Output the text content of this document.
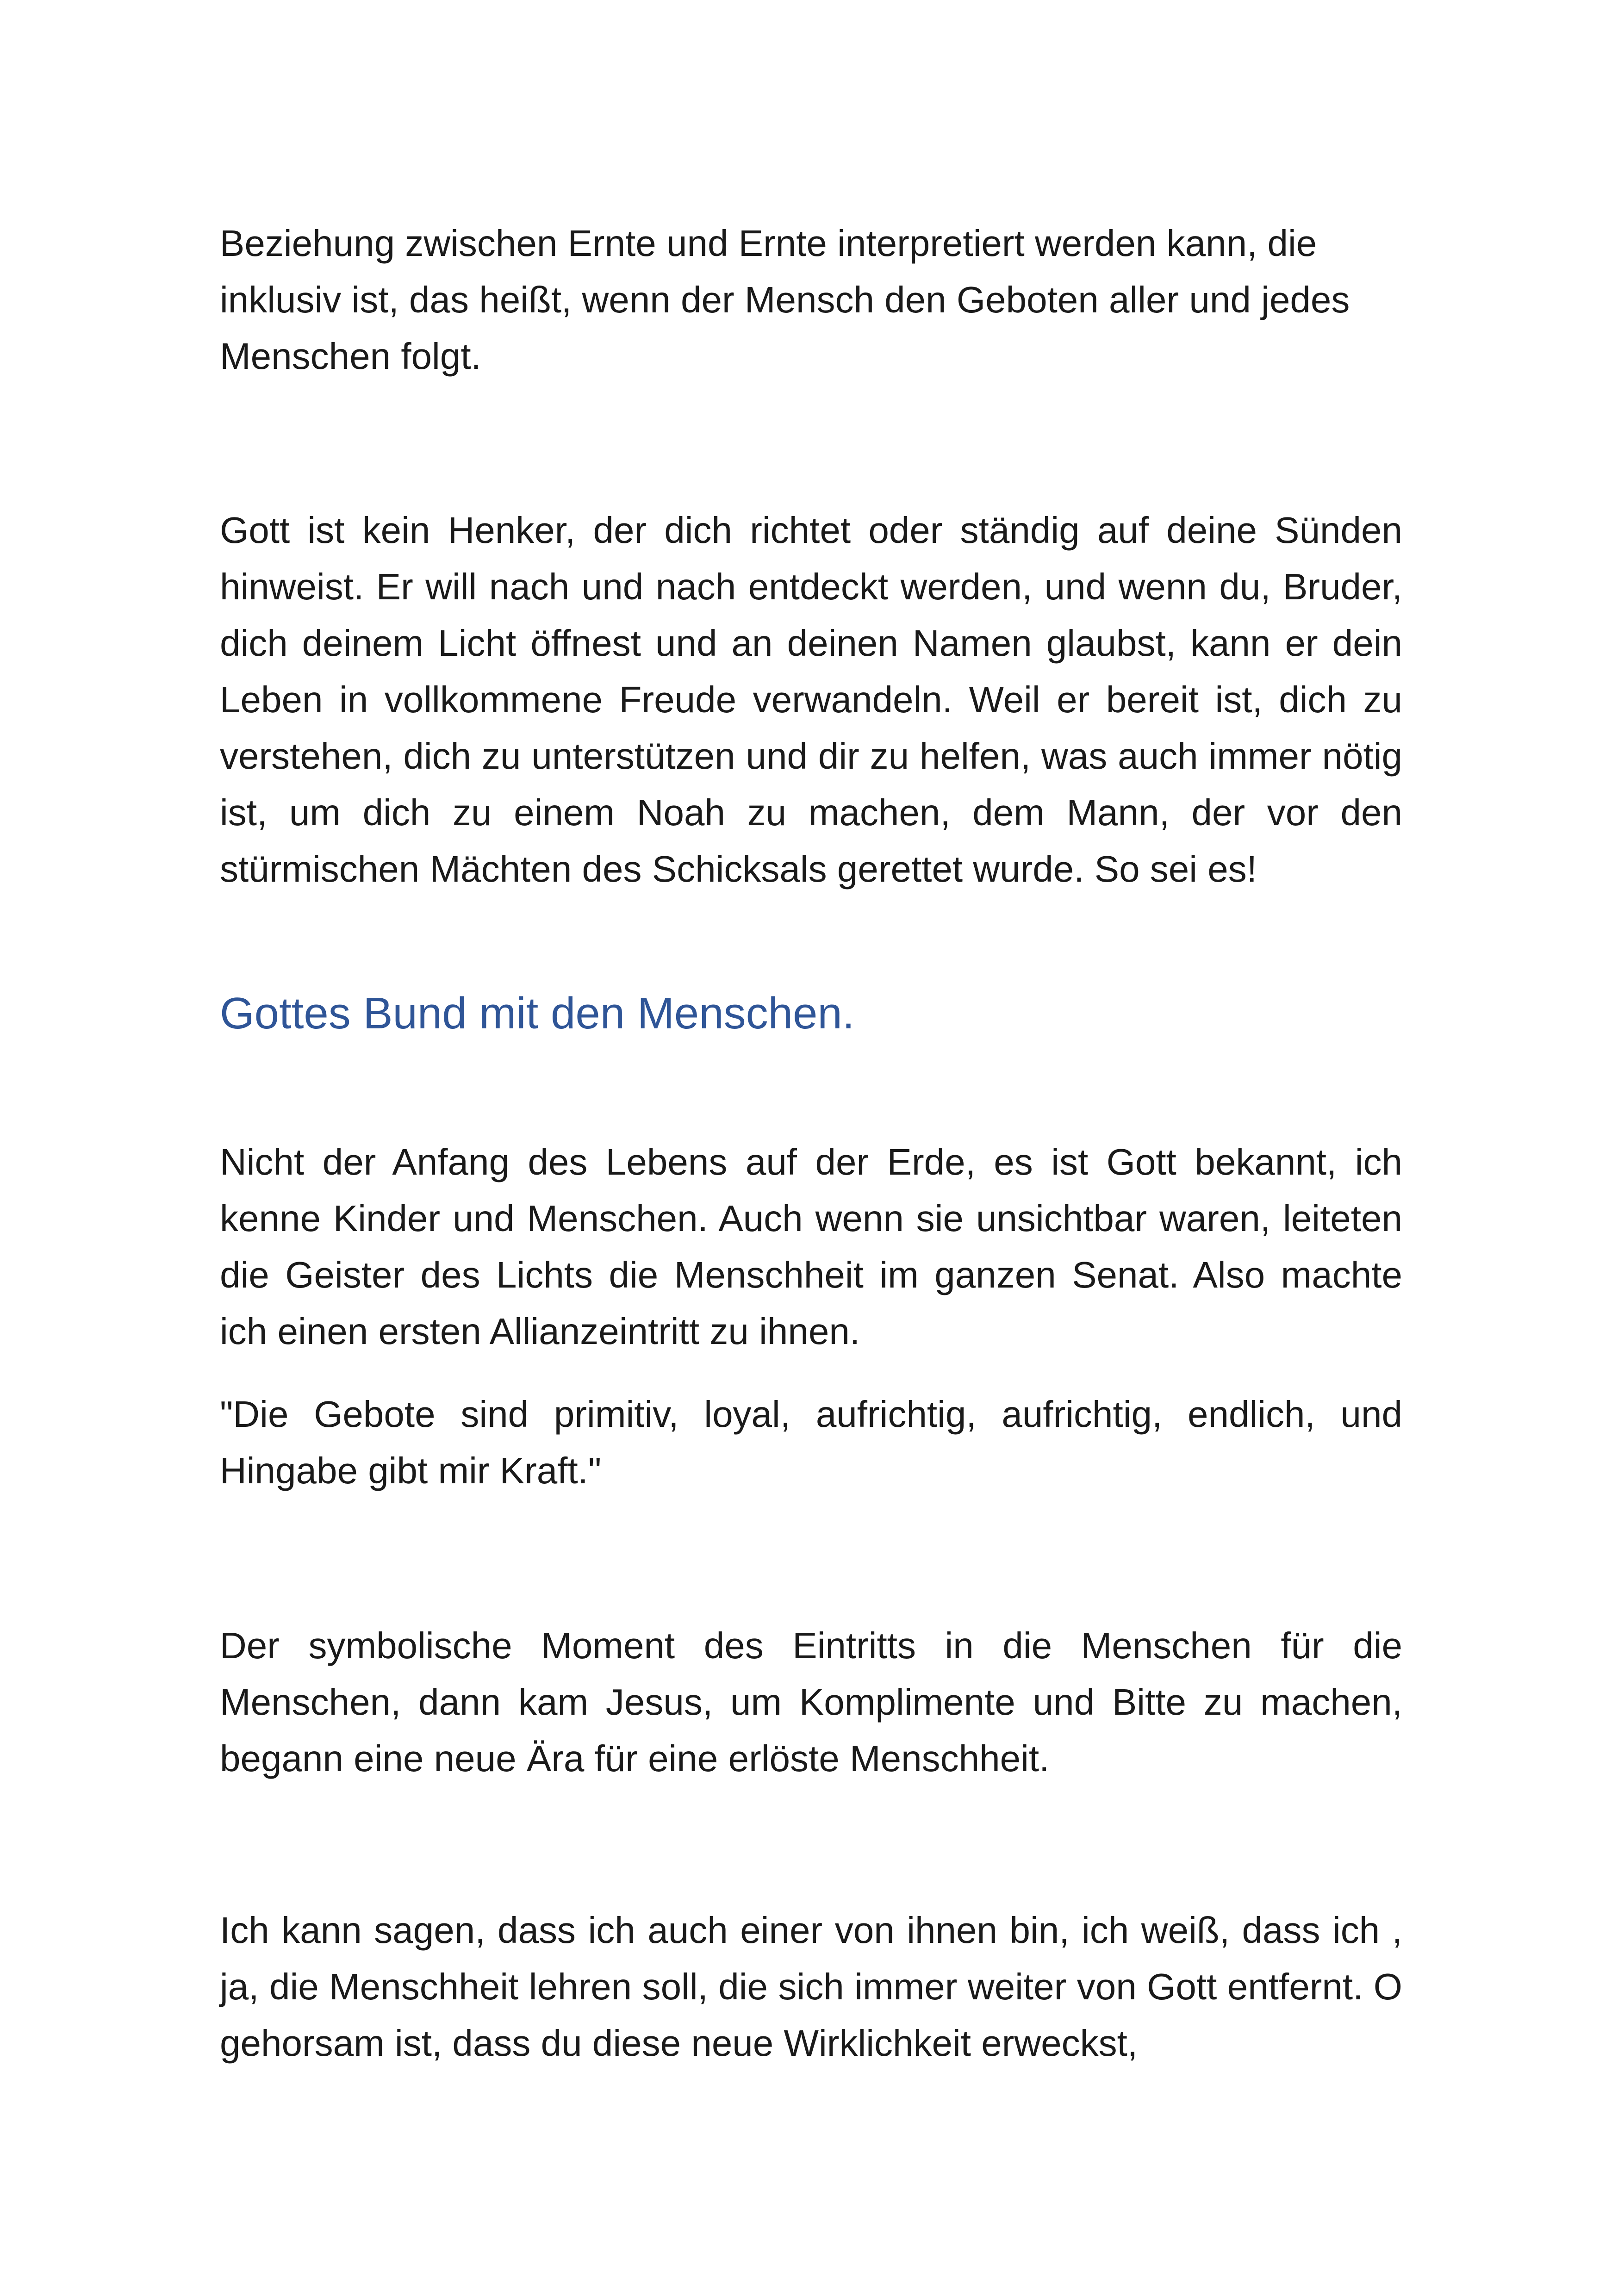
Beziehung zwischen Ernte und Ernte interpretiert werden kann, die inklusiv ist, das heißt, wenn der Mensch den Geboten aller und jedes Menschen folgt.

Gott ist kein Henker, der dich richtet oder ständig auf deine Sünden hinweist. Er will nach und nach entdeckt werden, und wenn du, Bruder, dich deinem Licht öffnest und an deinen Namen glaubst, kann er dein Leben in vollkommene Freude verwandeln. Weil er bereit ist, dich zu verstehen, dich zu unterstützen und dir zu helfen, was auch immer nötig ist, um dich zu einem Noah zu machen, dem Mann, der vor den stürmischen Mächten des Schicksals gerettet wurde. So sei es!

Gottes Bund mit den Menschen.

Nicht der Anfang des Lebens auf der Erde, es ist Gott bekannt, ich kenne Kinder und Menschen. Auch wenn sie unsichtbar waren, leiteten die Geister des Lichts die Menschheit im ganzen Senat. Also machte ich einen ersten Allianzeintritt zu ihnen.

"Die Gebote sind primitiv, loyal, aufrichtig, aufrichtig, endlich, und Hingabe gibt mir Kraft."

Der symbolische Moment des Eintritts in die Menschen für die Menschen, dann kam Jesus, um Komplimente und Bitte zu machen, begann eine neue Ära für eine erlöste Menschheit.

Ich kann sagen, dass ich auch einer von ihnen bin, ich weiß, dass ich , ja, die Menschheit lehren soll, die sich immer weiter von Gott entfernt. O gehorsam ist, dass du diese neue Wirklichkeit erweckst,
